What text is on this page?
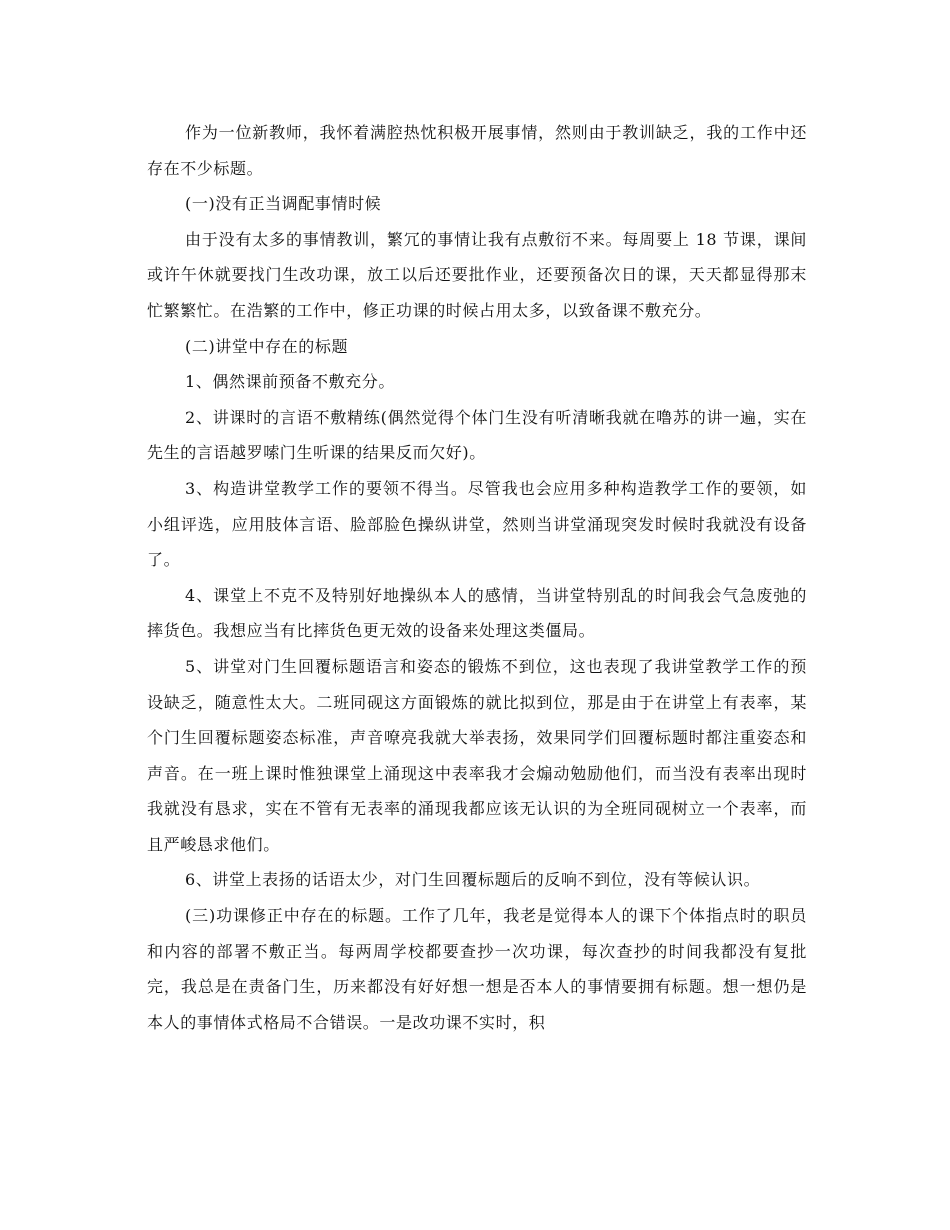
作为一位新教师，我怀着满腔热忱积极开展事情，然则由于教训缺乏，我的工作中还存在不少标题。

(一)没有正当调配事情时候

由于没有太多的事情教训，繁冗的事情让我有点敷衍不来。每周要上 18 节课，课间或许午休就要找门生改功课，放工以后还要批作业，还要预备次日的课，天天都显得那末忙繁繁忙。在浩繁的工作中，修正功课的时候占用太多，以致备课不敷充分。

(二)讲堂中存在的标题

1、偶然课前预备不敷充分。

2、讲课时的言语不敷精练(偶然觉得个体门生没有听清晰我就在噜苏的讲一遍，实在先生的言语越罗嗦门生听课的结果反而欠好)。

3、构造讲堂教学工作的要领不得当。尽管我也会应用多种构造教学工作的要领，如小组评选，应用肢体言语、脸部脸色操纵讲堂，然则当讲堂涌现突发时候时我就没有设备了。

4、课堂上不克不及特别好地操纵本人的感情，当讲堂特别乱的时间我会气急废弛的摔货色。我想应当有比摔货色更无效的设备来处理这类僵局。

5、讲堂对门生回覆标题语言和姿态的锻炼不到位，这也表现了我讲堂教学工作的预设缺乏，随意性太大。二班同砚这方面锻炼的就比拟到位，那是由于在讲堂上有表率，某个门生回覆标题姿态标准，声音嘹亮我就大举表扬，效果同学们回覆标题时都注重姿态和声音。在一班上课时惟独课堂上涌现这中表率我才会煽动勉励他们，而当没有表率出现时我就没有恳求，实在不管有无表率的涌现我都应该无认识的为全班同砚树立一个表率，而且严峻恳求他们。

6、讲堂上表扬的话语太少，对门生回覆标题后的反响不到位，没有等候认识。

(三)功课修正中存在的标题。工作了几年，我老是觉得本人的课下个体指点时的职员和内容的部署不敷正当。每两周学校都要查抄一次功课，每次查抄的时间我都没有复批完，我总是在责备门生，历来都没有好好想一想是否本人的事情要拥有标题。想一想仍是本人的事情体式格局不合错误。一是改功课不实时，积
